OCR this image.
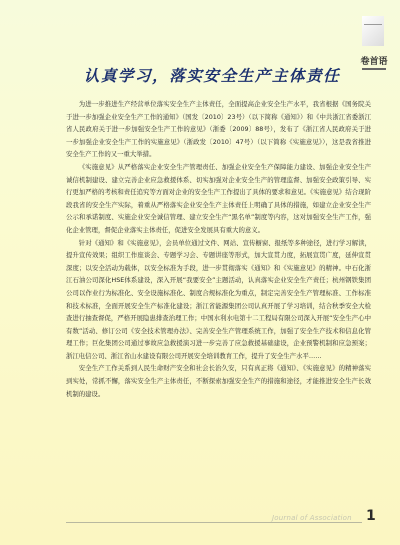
卷首语
认真学习，落实安全生产主体责任

为进一步推进生产经营单位落实安全生产主体责任，全面提高企业安全生产水平，我省根据《国务院关于进一步加强企业安全生产工作的通知》（国发〔2010〕23号）（以下简称《通知》）和《中共浙江省委浙江省人民政府关于进一步加强安全生产工作的意见》（浙委〔2009〕88号），发布了《浙江省人民政府关于进一步加强企业安全生产工作的实施意见》（浙政发〔2010〕47号）（以下简称《实施意见》），这是我省推进安全生产工作的又一重大举措。

《实施意见》从严格落实企业安全生产管理责任、加强企业安全生产保障能力建设、加强企业安全生产诚信机制建设、建立完善企业应急救援体系、切实加强对企业安全生产的管理监督、加强安全政策引导、实行更加严格的考核和责任追究等方面对企业的安全生产工作提出了具体的要求和意见。《实施意见》结合现阶段我省的安全生产实际，着重从严格落实企业安全生产主体责任上明确了具体的措施，如建立企业安全生产公示和承诺制度、实施企业安全诚信管理、建立安全生产“黑名单”制度等内容，这对加强安全生产工作，强化企业管理，督促企业落实主体责任，促进安全发展具有重大的意义。

针对《通知》和《实施意见》，会员单位通过文件、网站、宣传橱窗、报纸等多种途径，进行学习解读，提升宣传效果；组织工作座谈会、专题学习会、专题讲座等形式，加大宣贯力度，拓展宣贯广度，延伸宣贯深度；以安全活动为载体，以安全标准为手段，进一步贯彻落实《通知》和《实施意见》的精神。中石化浙江石油公司深化HSE体系建设，深入开展“我要安全”主题活动，认真落实企业安全生产责任；杭州钢铁集团公司以作业行为标准化、安全设施标准化、制度合规标准化为重点，制定完善安全生产管理标准、工作标准和技术标准，全面开展安全生产标准化建设；浙江省能源集团公司认真开展了学习培训，结合秋季安全大检查进行抽查督促，严格开展隐患排查治理工作；中国水利水电第十二工程局有限公司深入开展“安全生产心中有数”活动、修订公司《安全技术管理办法》、完善安全生产管理系统工作，加强了安全生产技术和信息化管理工作；巨化集团公司通过事故应急救援演习进一步完善了应急救援基础建设，企业预警机制和应急预案；浙江电信公司、浙江省山水建设有限公司开展安全培训教育工作，提升了安全生产水平……

安全生产工作关系到人民生命财产安全和社会长治久安，只有真正将《通知》、《实施意见》的精神落实到实处，常抓不懈，落实安全生产主体责任，不断探索加强安全生产的措施和途径，才能推进安全生产长效机制的建设。

Journal of Association 1
